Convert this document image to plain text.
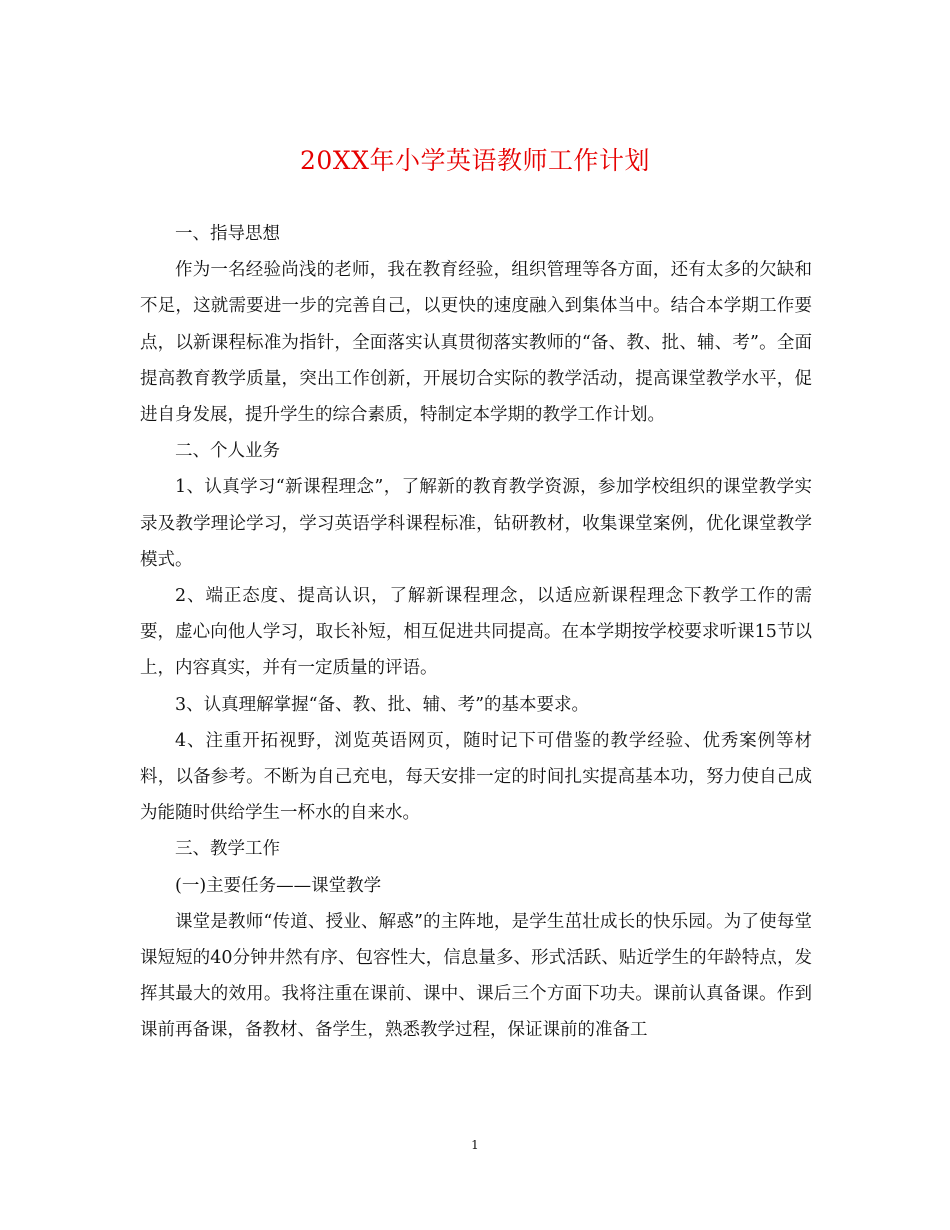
20XX年小学英语教师工作计划

一、指导思想

作为一名经验尚浅的老师，我在教育经验，组织管理等各方面，还有太多的欠缺和不足，这就需要进一步的完善自己，以更快的速度融入到集体当中。结合本学期工作要点，以新课程标准为指针，全面落实认真贯彻落实教师的“备、教、批、辅、考”。全面提高教育教学质量，突出工作创新，开展切合实际的教学活动，提高课堂教学水平，促进自身发展，提升学生的综合素质，特制定本学期的教学工作计划。

二、个人业务

1、认真学习“新课程理念”，了解新的教育教学资源，参加学校组织的课堂教学实录及教学理论学习，学习英语学科课程标准，钻研教材，收集课堂案例，优化课堂教学模式。

2、端正态度、提高认识，了解新课程理念，以适应新课程理念下教学工作的需要，虚心向他人学习，取长补短，相互促进共同提高。在本学期按学校要求听课15节以上，内容真实，并有一定质量的评语。

3、认真理解掌握“备、教、批、辅、考”的基本要求。

4、注重开拓视野，浏览英语网页，随时记下可借鉴的教学经验、优秀案例等材料，以备参考。不断为自己充电，每天安排一定的时间扎实提高基本功，努力使自己成为能随时供给学生一杯水的自来水。

三、教学工作

(一)主要任务——课堂教学

课堂是教师“传道、授业、解惑”的主阵地，是学生茁壮成长的快乐园。为了使每堂课短短的40分钟井然有序、包容性大，信息量多、形式活跃、贴近学生的年龄特点，发挥其最大的效用。我将注重在课前、课中、课后三个方面下功夫。课前认真备课。作到课前再备课，备教材、备学生，熟悉教学过程，保证课前的准备工

1
